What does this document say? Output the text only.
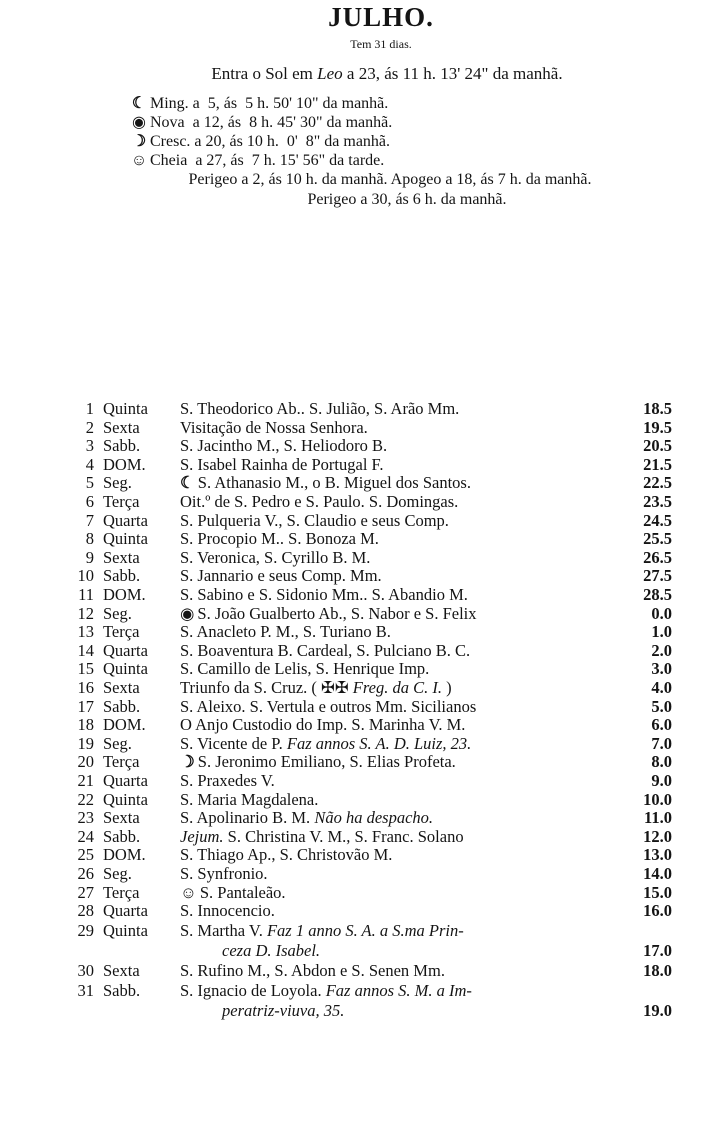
JULHO.
Tem 31 dias.
Entra o Sol em Leo a 23, ás 11 h. 13' 24" da manhã.
☾ Ming. a  5, ás  5 h. 50' 10" da manhã.
◉ Nova  a 12, ás  8 h. 45' 30" da manhã.
☽ Cresc. a 20, ás 10 h.  0'  8" da manhã.
☺ Cheia  a 27, ás  7 h. 15' 56" da tarde.
Perigeo a 2, ás 10 h. da manhã. Apogeo a 18, ás 7 h. da manhã.
Perigeo a 30, ás 6 h. da manhã.
1 Quinta S. Theodorico Ab.. S. Julião, S. Arão Mm.	18.5
2 Sexta Visitação de Nossa Senhora.	19.5
3 Sabb. S. Jacintho M., S. Heliodoro B.	20.5
4 DOM. S. Isabel Rainha de Portugal F.	21.5
5 Seg.	☾ S. Athanasio M., o B. Miguel dos Santos.	22.5
6 Terça Oit.º de S. Pedro e S. Paulo. S. Domingas.	23.5
7 Quarta S. Pulqueria V., S. Claudio e seus Comp.	24.5
8 Quinta S. Procopio M.. S. Bonoza M.	25.5
9 Sexta S. Veronica, S. Cyrillo B. M.	26.5
10 Sabb. S. Jannario e seus Comp. Mm.	27.5
11 DOM. S. Sabino e S. Sidonio Mm.. S. Abandio M.	28.5
12 Seg.	◉ S. João Gualberto Ab., S. Nabor e S. Felix	0.0
13 Terça S. Anacleto P. M., S. Turiano B.	1.0
14 Quarta S. Boaventura B. Cardeal, S. Pulciano B. C.	2.0
15 Quinta S. Camillo de Lelis, S. Henrique Imp.	3.0
16 Sexta Triunfo da S. Cruz. ( ✠✠ Freg. da C. I. )	4.0
17 Sabb. S. Aleixo. S. Vertula e outros Mm. Sicilianos	5.0
18 DOM. O Anjo Custodio do Imp. S. Marinha V. M.	6.0
19 Seg.	S. Vicente de P. Faz annos S. A. D. Luiz, 23.	7.0
20 Terça ☽ S. Jeronimo Emiliano, S. Elias Profeta.	8.0
21 Quarta S. Praxedes V.	9.0
22 Quinta S. Maria Magdalena.	10.0
23 Sexta S. Apolinario B. M. Não ha despacho.	11.0
24 Sabb. Jejum. S. Christina V. M., S. Franc. Solano	12.0
25 DOM. S. Thiago Ap., S. Christovão M.	13.0
26 Seg.	S. Synfronio.	14.0
27 Terça ☺ S. Pantaleão.	15.0
28 Quarta S. Innocencio.	16.0
29 Quinta S. Martha V. Faz 1 anno S. A. a S.ma Prin-
ceza D. Isabel.	17.0
30 Sexta S. Rufino M., S. Abdon e S. Senen Mm.	18.0
31 Sabb. S. Ignacio de Loyola. Faz annos S. M. a Im-
peratriz-viuva, 35.	19.0
